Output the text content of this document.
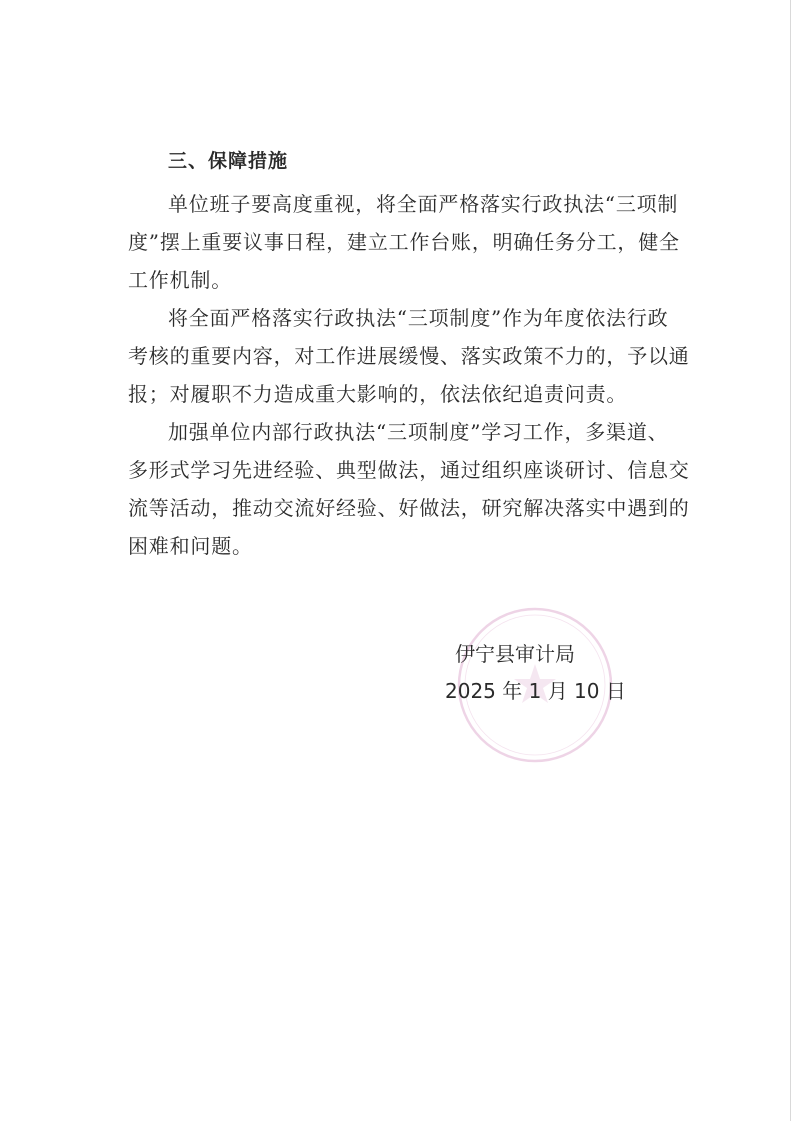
三、保障措施
单位班子要高度重视，将全面严格落实行政执法“三项制
度”摆上重要议事日程，建立工作台账，明确任务分工，健全
工作机制。
将全面严格落实行政执法“三项制度”作为年度依法行政
考核的重要内容，对工作进展缓慢、落实政策不力的，予以通
报；对履职不力造成重大影响的，依法依纪追责问责。
加强单位内部行政执法“三项制度”学习工作，多渠道、
多形式学习先进经验、典型做法，通过组织座谈研讨、信息交
流等活动，推动交流好经验、好做法，研究解决落实中遇到的
困难和问题。
伊宁县审计局
2025 年 1 月 10 日
